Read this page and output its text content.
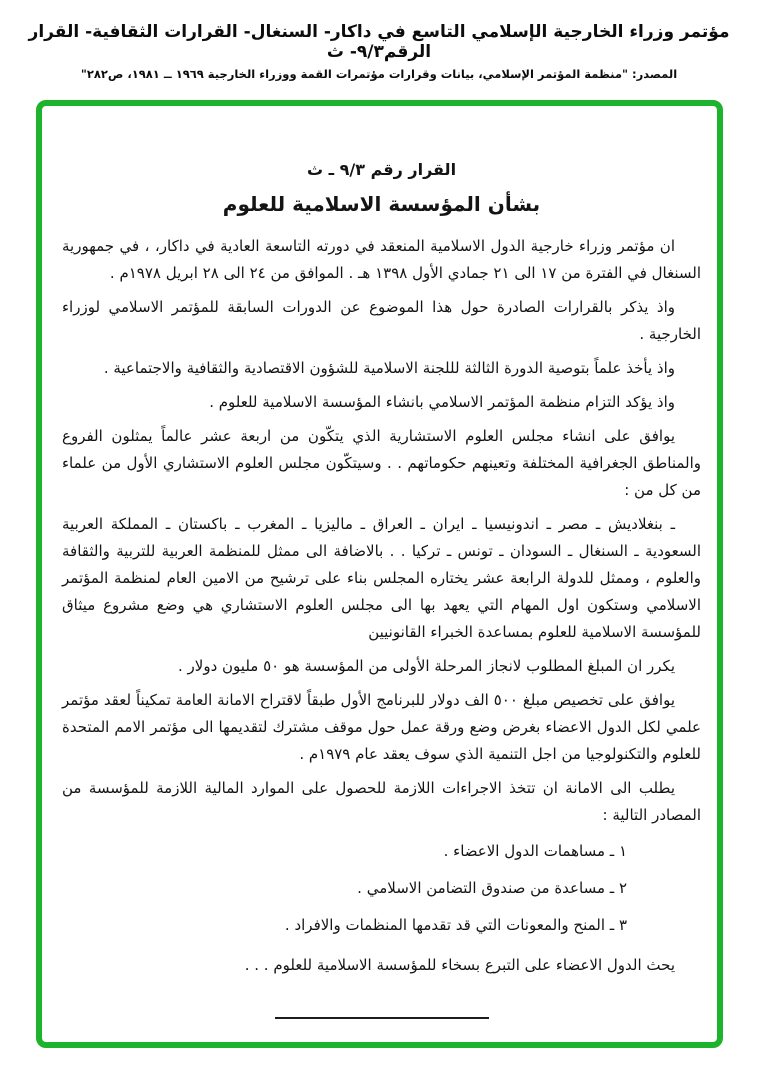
مؤتمر وزراء الخارجية الإسلامي التاسع في داكار- السنغال- القرارات الثقافية- القرار الرقم٩/٣- ث
المصدر: "منظمة المؤتمر الإسلامي، بيانات وقرارات مؤتمرات القمة ووزراء الخارجية ١٩٦٩ ــ ١٩٨١، ص٢٨٢"
القرار رقم ٩/٣ ـ ث
بشأن المؤسسة الاسلامية للعلوم

ان مؤتمر وزراء خارجية الدول الاسلامية المنعقد في دورته التاسعة العادية في داكار، ، في جمهورية السنغال في الفترة من ١٧ الى ٢١ جمادي الأول ١٣٩٨ هـ . الموافق من ٢٤ الى ٢٨ ابريل ١٩٧٨م .

واذ يذكر بالقرارات الصادرة حول هذا الموضوع عن الدورات السابقة للمؤتمر الاسلامي لوزراء الخارجية .

واذ يأخذ علماً بتوصية الدورة الثالثة لللجنة الاسلامية للشؤون الاقتصادية والثقافية والاجتماعية .

واذ يؤكد التزام منظمة المؤتمر الاسلامي بانشاء المؤسسة الاسلامية للعلوم .

يوافق على انشاء مجلس العلوم الاستشارية الذي يتكّون من اربعة عشر عالماً يمثلون الفروع والمناطق الجغرافية المختلفة وتعينهم حكوماتهم . . وسيتكّون مجلس العلوم الاستشاري الأول من علماء من كل من :

ـ بنغلاديش ـ مصر ـ اندونيسيا ـ ايران ـ العراق ـ ماليزيا ـ المغرب ـ باكستان ـ المملكة العربية السعودية ـ السنغال ـ السودان ـ تونس ـ تركيا . . بالاضافة الى ممثل للمنظمة العربية للتربية والثقافة والعلوم ، وممثل للدولة الرابعة عشر يختاره المجلس بناء على ترشيح من الامين العام لمنظمة المؤتمر الاسلامي وستكون اول المهام التي يعهد بها الى مجلس العلوم الاستشاري هي وضع مشروع ميثاق للمؤسسة الاسلامية للعلوم بمساعدة الخبراء القانونيين

يكرر ان المبلغ المطلوب لانجاز المرحلة الأولى من المؤسسة هو ٥٠ مليون دولار .

يوافق على تخصيص مبلغ ٥٠٠ الف دولار للبرنامج الأول طبقاً لاقتراح الامانة العامة تمكيناً لعقد مؤتمر علمي لكل الدول الاعضاء بغرض وضع ورقة عمل حول موقف مشترك لتقديمها الى مؤتمر الامم المتحدة للعلوم والتكنولوجيا من اجل التنمية الذي سوف يعقد عام ١٩٧٩م .

يطلب الى الامانة ان تتخذ الاجراءات اللازمة للحصول على الموارد المالية اللازمة للمؤسسة من المصادر التالية :

١ ـ مساهمات الدول الاعضاء .
٢ ـ مساعدة من صندوق التضامن الاسلامي .
٣ ـ المنح والمعونات التي قد تقدمها المنظمات والافراد .

يحث الدول الاعضاء على التبرع بسخاء للمؤسسة الاسلامية للعلوم . . .
